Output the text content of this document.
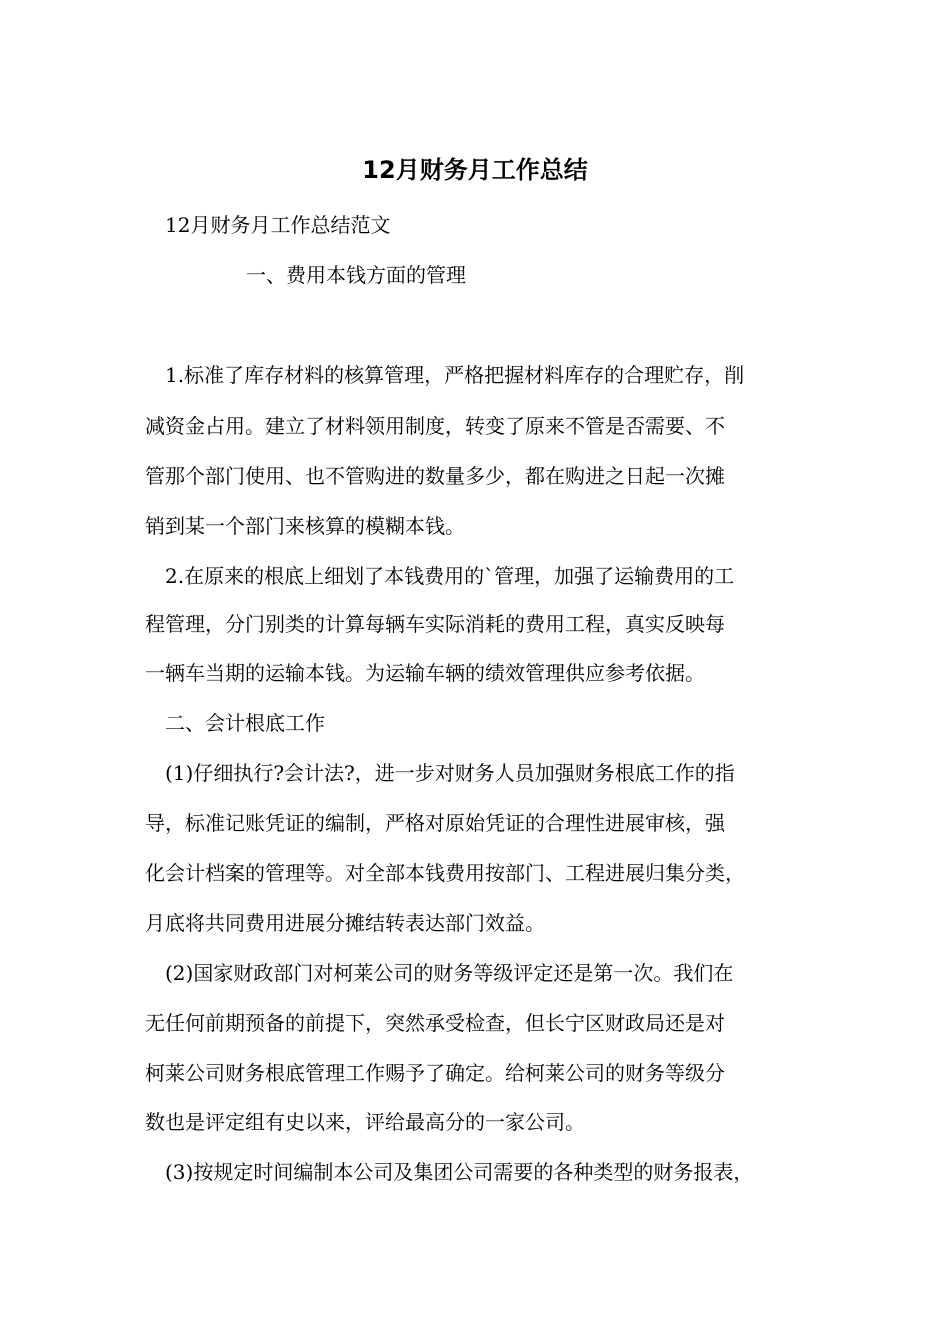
12月财务月工作总结
12月财务月工作总结范文
一、费用本钱方面的管理
1.标准了库存材料的核算管理，严格把握材料库存的合理贮存，削
减资金占用。建立了材料领用制度，转变了原来不管是否需要、不
管那个部门使用、也不管购进的数量多少，都在购进之日起一次摊
销到某一个部门来核算的模糊本钱。
2.在原来的根底上细划了本钱费用的`管理，加强了运输费用的工
程管理，分门别类的计算每辆车实际消耗的费用工程，真实反映每
一辆车当期的运输本钱。为运输车辆的绩效管理供应参考依据。
二、会计根底工作
(1)仔细执行?会计法?，进一步对财务人员加强财务根底工作的指
导，标准记账凭证的编制，严格对原始凭证的合理性进展审核，强
化会计档案的管理等。对全部本钱费用按部门、工程进展归集分类，
月底将共同费用进展分摊结转表达部门效益。
(2)国家财政部门对柯莱公司的财务等级评定还是第一次。我们在
无任何前期预备的前提下，突然承受检查，但长宁区财政局还是对
柯莱公司财务根底管理工作赐予了确定。给柯莱公司的财务等级分
数也是评定组有史以来，评给最高分的一家公司。
(3)按规定时间编制本公司及集团公司需要的各种类型的财务报表，
